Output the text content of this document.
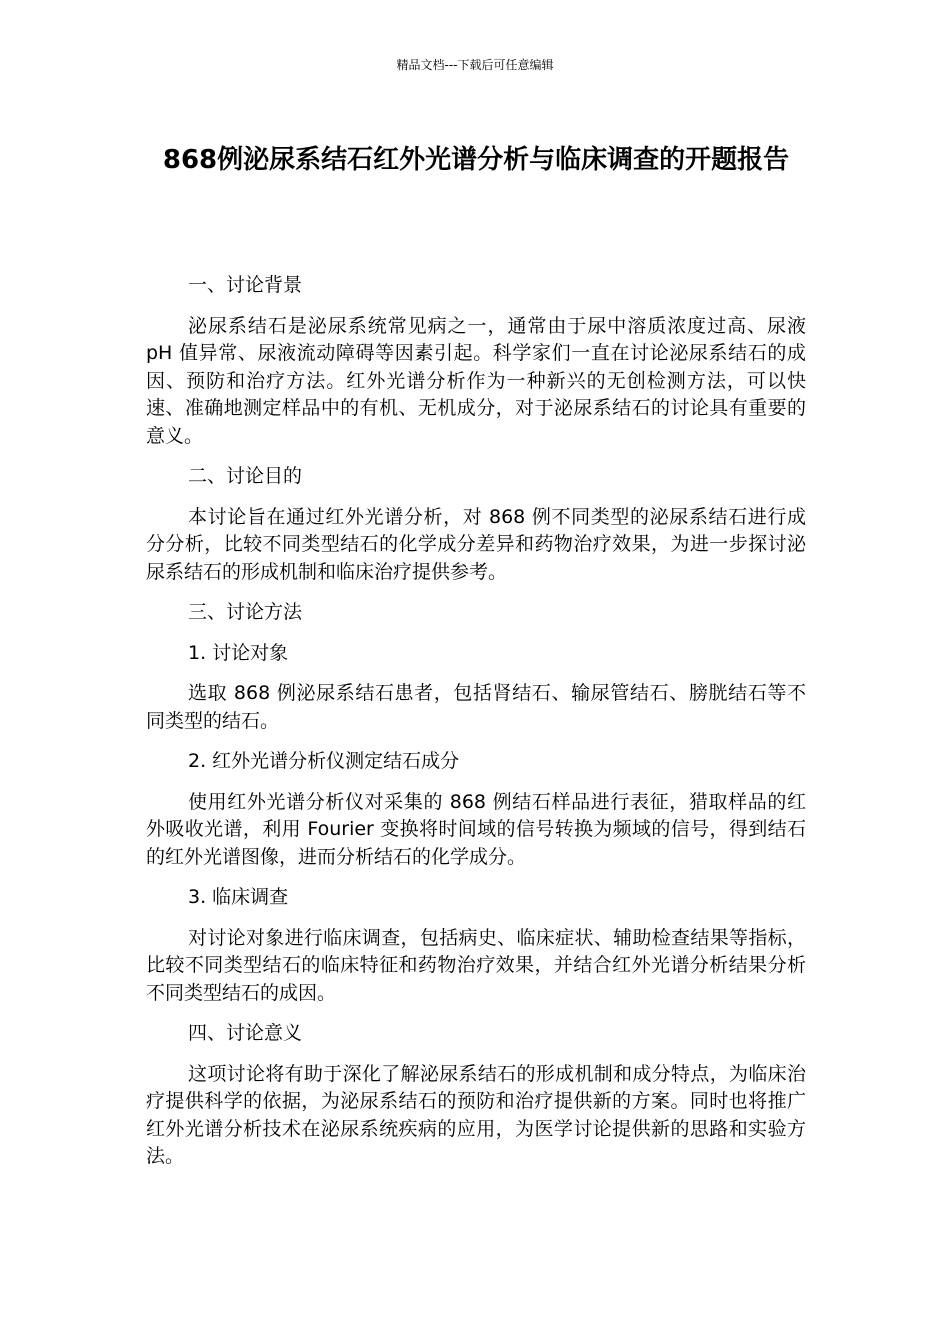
精品文档---下载后可任意编辑
868例泌尿系结石红外光谱分析与临床调查的开题报告
一、讨论背景
泌尿系结石是泌尿系统常见病之一，通常由于尿中溶质浓度过高、尿液 pH 值异常、尿液流动障碍等因素引起。科学家们一直在讨论泌尿系结石的成因、预防和治疗方法。红外光谱分析作为一种新兴的无创检测方法，可以快速、准确地测定样品中的有机、无机成分，对于泌尿系结石的讨论具有重要的意义。
二、讨论目的
本讨论旨在通过红外光谱分析，对 868 例不同类型的泌尿系结石进行成分分析，比较不同类型结石的化学成分差异和药物治疗效果，为进一步探讨泌尿系结石的形成机制和临床治疗提供参考。
三、讨论方法
1. 讨论对象
选取 868 例泌尿系结石患者，包括肾结石、输尿管结石、膀胱结石等不同类型的结石。
2. 红外光谱分析仪测定结石成分
使用红外光谱分析仪对采集的 868 例结石样品进行表征，猎取样品的红外吸收光谱，利用 Fourier 变换将时间域的信号转换为频域的信号，得到结石的红外光谱图像，进而分析结石的化学成分。
3. 临床调查
对讨论对象进行临床调查，包括病史、临床症状、辅助检查结果等指标，比较不同类型结石的临床特征和药物治疗效果，并结合红外光谱分析结果分析不同类型结石的成因。
四、讨论意义
这项讨论将有助于深化了解泌尿系结石的形成机制和成分特点，为临床治疗提供科学的依据，为泌尿系结石的预防和治疗提供新的方案。同时也将推广红外光谱分析技术在泌尿系统疾病的应用，为医学讨论提供新的思路和实验方法。
